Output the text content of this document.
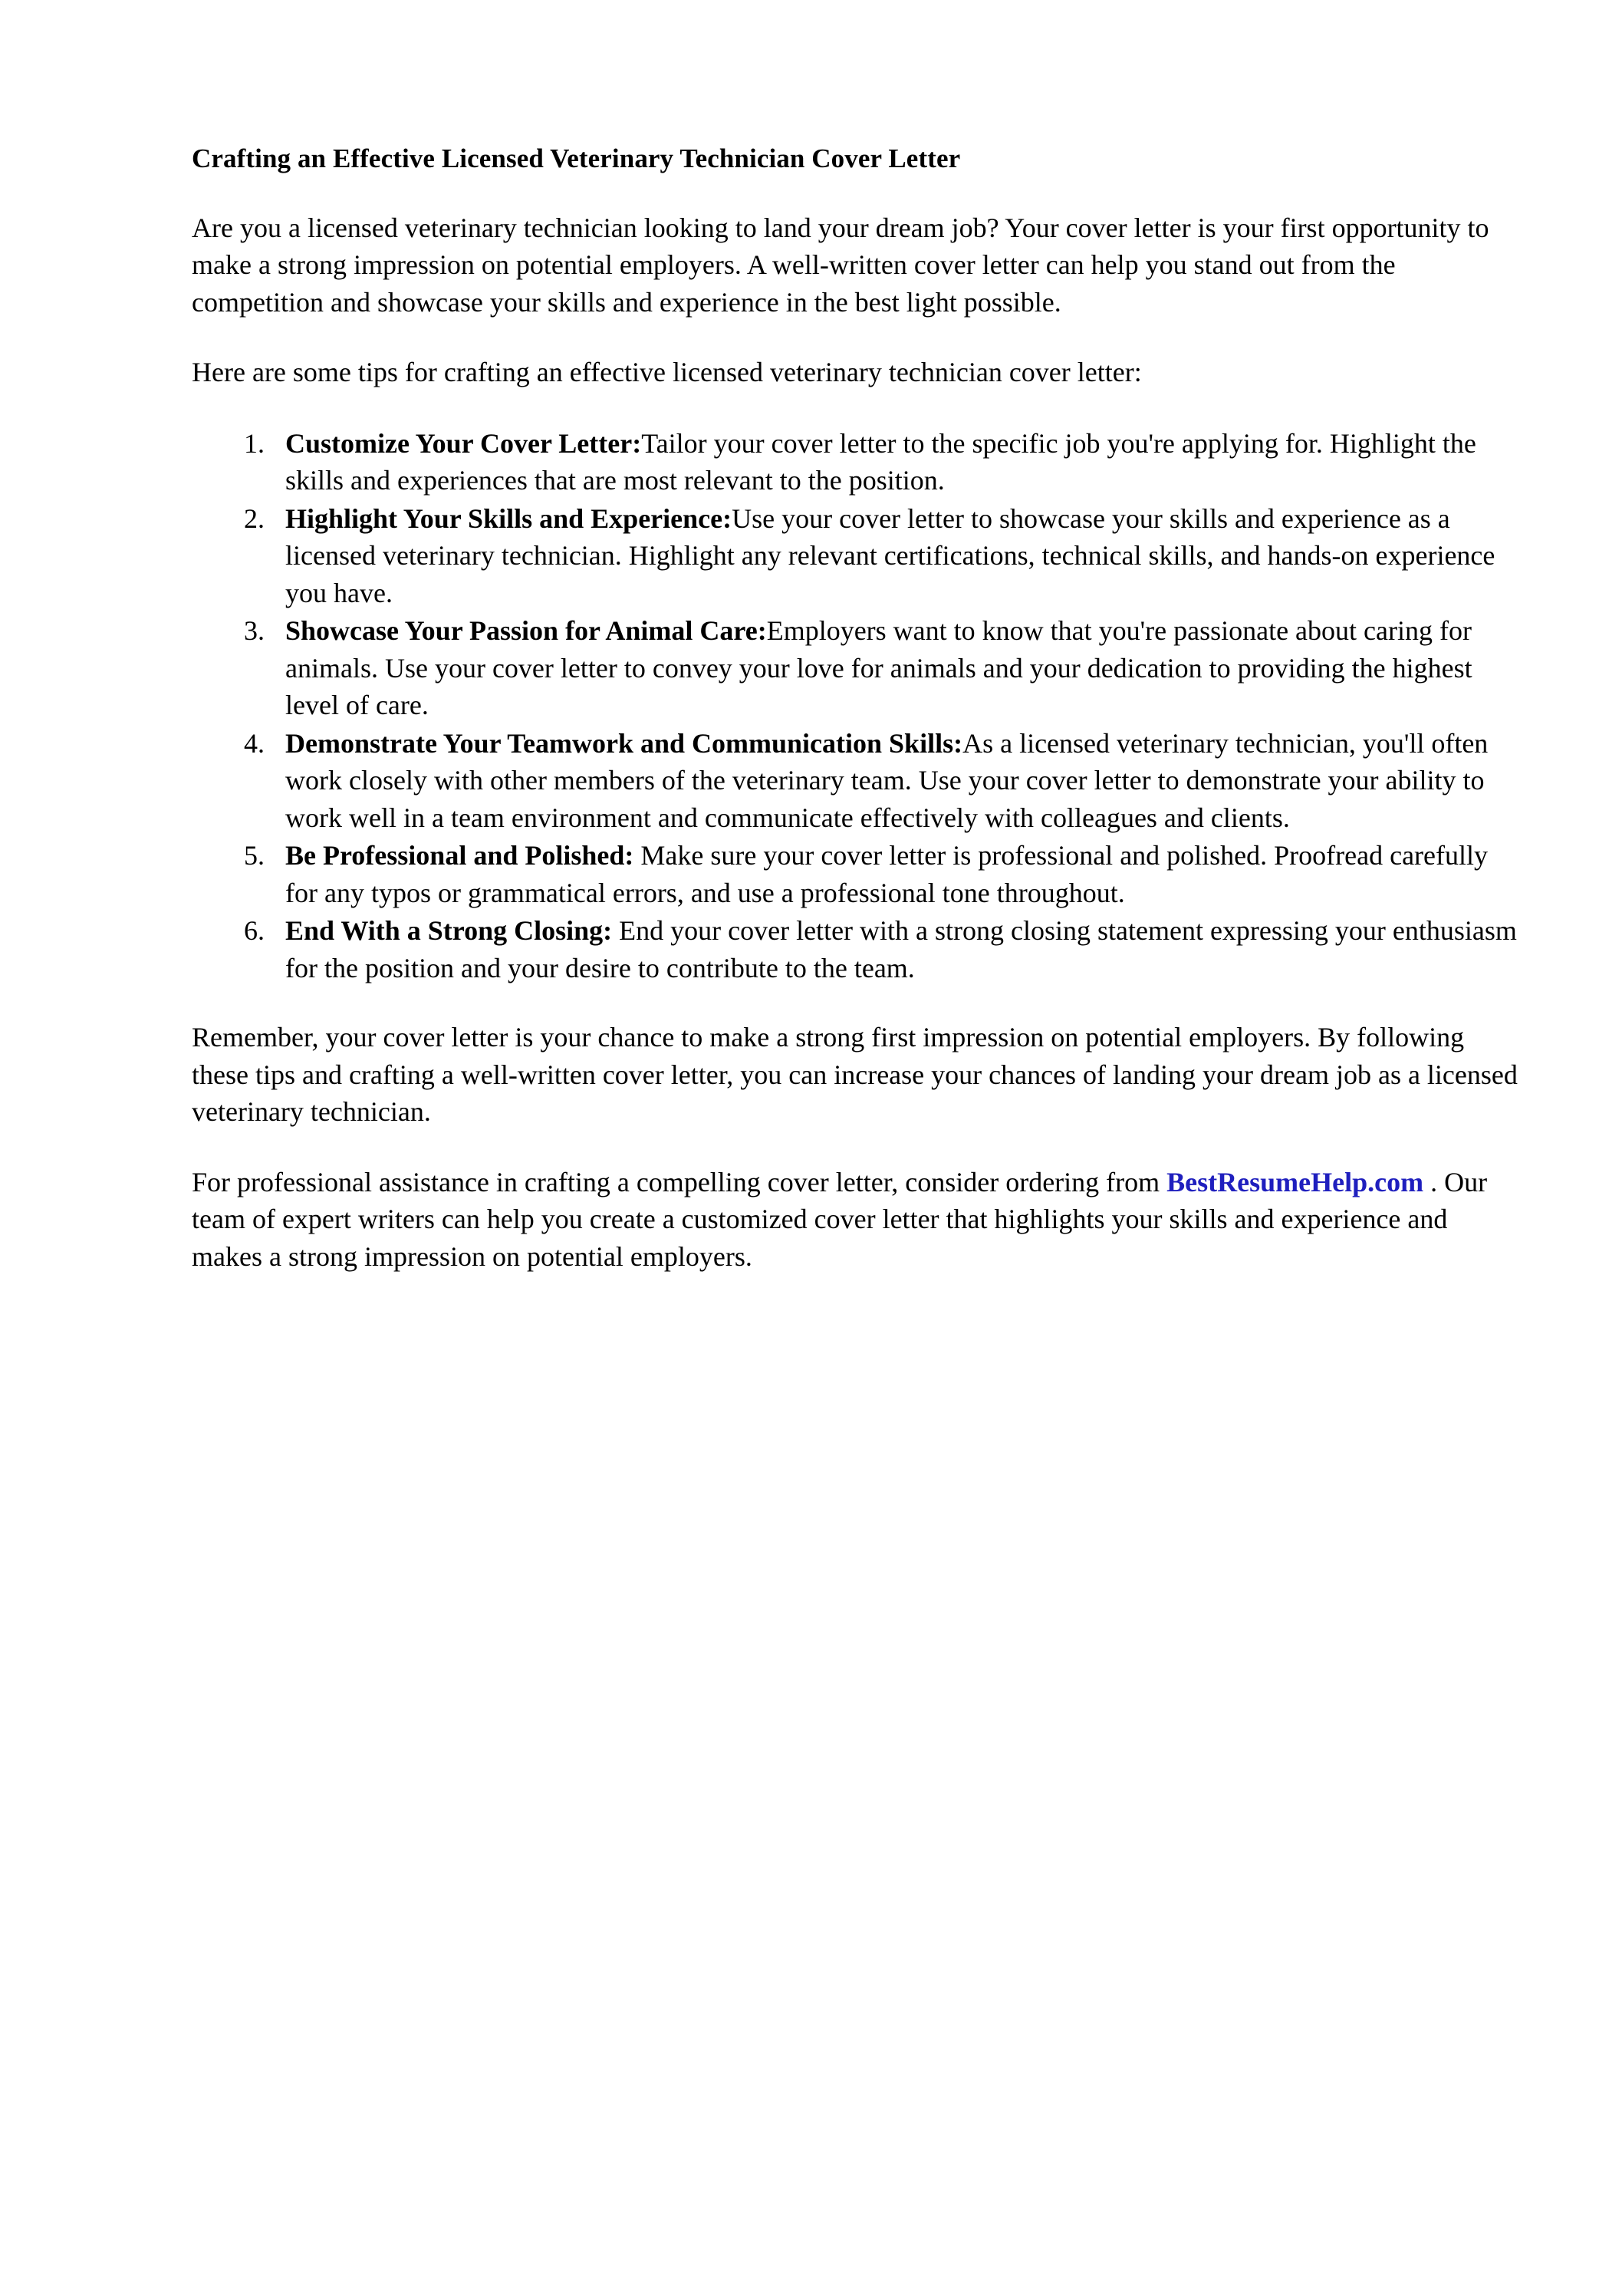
Crafting an Effective Licensed Veterinary Technician Cover Letter

Are you a licensed veterinary technician looking to land your dream job? Your cover letter is your first opportunity to make a strong impression on potential employers. A well-written cover letter can help you stand out from the competition and showcase your skills and experience in the best light possible.

Here are some tips for crafting an effective licensed veterinary technician cover letter:

1. Customize Your Cover Letter:Tailor your cover letter to the specific job you're applying for. Highlight the skills and experiences that are most relevant to the position.
2. Highlight Your Skills and Experience:Use your cover letter to showcase your skills and experience as a licensed veterinary technician. Highlight any relevant certifications, technical skills, and hands-on experience you have.
3. Showcase Your Passion for Animal Care:Employers want to know that you're passionate about caring for animals. Use your cover letter to convey your love for animals and your dedication to providing the highest level of care.
4. Demonstrate Your Teamwork and Communication Skills:As a licensed veterinary technician, you'll often work closely with other members of the veterinary team. Use your cover letter to demonstrate your ability to work well in a team environment and communicate effectively with colleagues and clients.
5. Be Professional and Polished: Make sure your cover letter is professional and polished. Proofread carefully for any typos or grammatical errors, and use a professional tone throughout.
6. End With a Strong Closing: End your cover letter with a strong closing statement expressing your enthusiasm for the position and your desire to contribute to the team.

Remember, your cover letter is your chance to make a strong first impression on potential employers. By following these tips and crafting a well-written cover letter, you can increase your chances of landing your dream job as a licensed veterinary technician.

For professional assistance in crafting a compelling cover letter, consider ordering from BestResumeHelp.com . Our team of expert writers can help you create a customized cover letter that highlights your skills and experience and makes a strong impression on potential employers.
